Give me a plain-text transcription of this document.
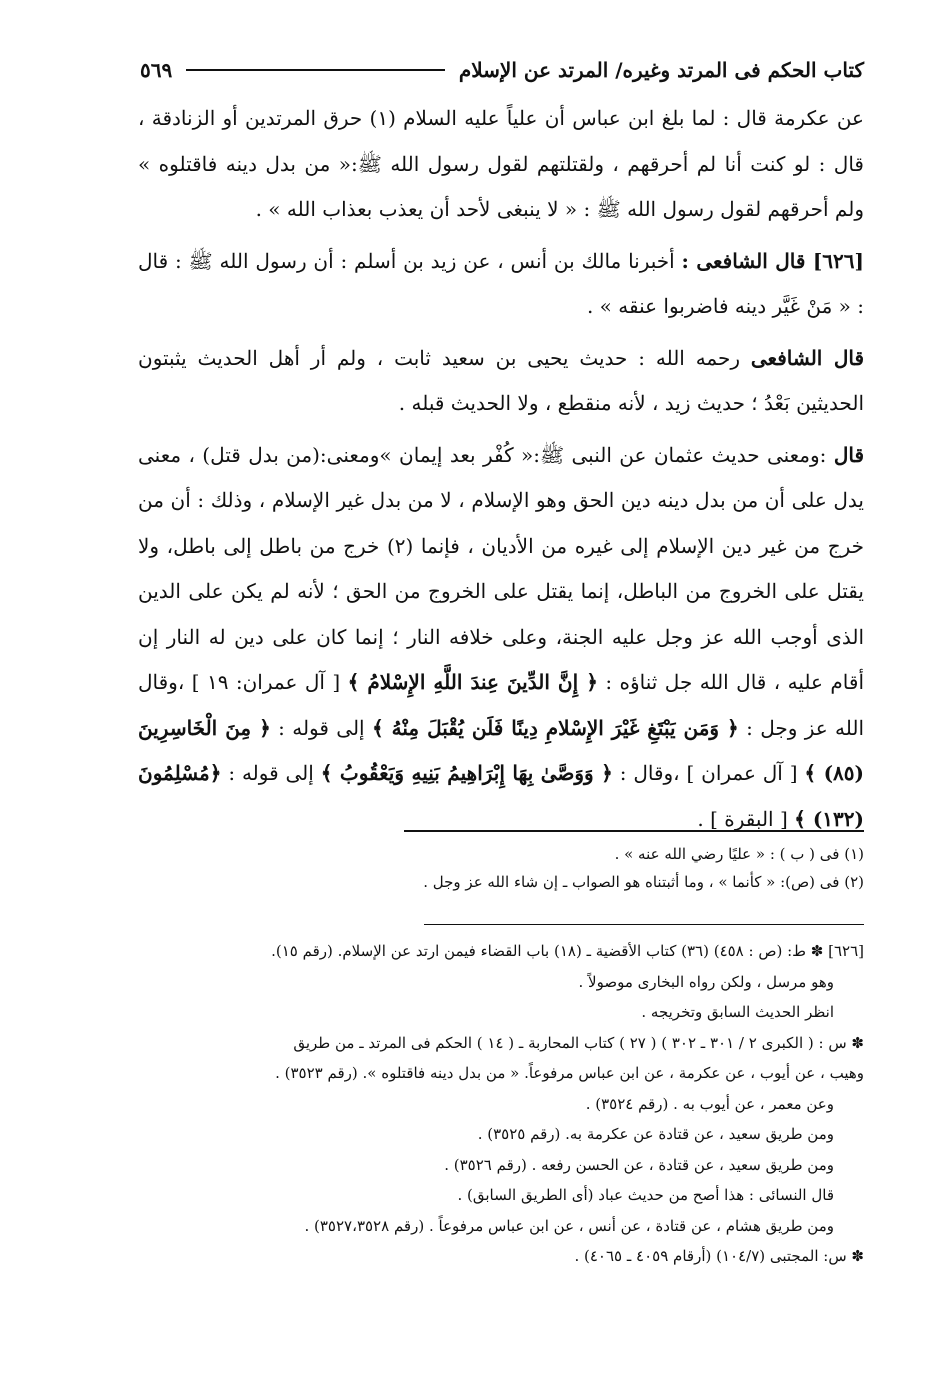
كتاب الحكم فى المرتد وغيره/ المرتد عن الإسلام
٥٦٩

عن عكرمة قال : لما بلغ ابن عباس أن علياً عليه السلام (١) حرق المرتدين أو الزنادقة ، قال : لو كنت أنا لم أحرقهم ، ولقتلتهم لقول رسول الله ﷺ:« من بدل دينه فاقتلوه » ولم أحرقهم لقول رسول الله ﷺ : « لا ينبغى لأحد أن يعذب بعذاب الله » .

[٦٢٦] قال الشافعى : أخبرنا مالك بن أنس ، عن زيد بن أسلم : أن رسول الله ﷺ : قال : « مَنْ غَيَّر دينه فاضربوا عنقه » .

قال الشافعى رحمه الله : حديث يحيى بن سعيد ثابت ، ولم أر أهل الحديث يثبتون الحديثين بَعْدُ ؛ حديث زيد ، لأنه منقطع ، ولا الحديث قبله .

قال :ومعنى حديث عثمان عن النبى ﷺ:« كُفْر بعد إيمان »ومعنى:(من بدل قتل) ، معنى يدل على أن من بدل دينه دين الحق وهو الإسلام ، لا من بدل غير الإسلام ، وذلك : أن من خرج من غير دين الإسلام إلى غيره من الأديان ، فإنما (٢) خرج من باطل إلى باطل، ولا يقتل على الخروج من الباطل، إنما يقتل على الخروج من الحق ؛ لأنه لم يكن على الدين الذى أوجب الله عز وجل عليه الجنة، وعلى خلافه النار ؛ إنما كان على دين له النار إن أقام عليه ، قال الله جل ثناؤه : ﴿ إِنَّ الدِّينَ عِندَ اللَّهِ الإِسْلامُ ﴾ [ آل عمران: ١٩ ] ،وقال الله عز وجل : ﴿ وَمَن يَبْتَغِ غَيْرَ الإِسْلامِ دِينًا فَلَن يُقْبَلَ مِنْهُ ﴾ إلى قوله : ﴿ مِنَ الْخَاسِرِينَ (٨٥) ﴾ [ آل عمران ] ،وقال : ﴿ وَوَصَّىٰ بِهَا إِبْرَاهِيمُ بَنِيهِ وَيَعْقُوبُ ﴾ إلى قوله : ﴿مُسْلِمُونَ (١٣٢) ﴾ [ البقرة ] .

(١) فى ( ب ) : « عليًا رضي الله عنه » .
(٢) فى (ص): « كأنما » ، وما أثبتناه هو الصواب ـ إن شاء الله عز وجل .
[٦٢٦] ✽ ط: (ص : ٤٥٨) (٣٦) كتاب الأقضية ـ (١٨) باب القضاء فيمن ارتد عن الإسلام. (رقم ١٥).
وهو مرسل ، ولكن رواه البخارى موصولاً .
انظر الحديث السابق وتخريجه .
✽ س : ( الكبرى ٢ / ٣٠١ ـ ٣٠٢ ) ( ٢٧ ) كتاب المحاربة ـ ( ١٤ ) الحكم فى المرتد ـ من طريق
وهيب ، عن أيوب ، عن عكرمة ، عن ابن عباس مرفوعاً. « من بدل دينه فاقتلوه ». (رقم ٣٥٢٣) .
وعن معمر ، عن أيوب به . (رقم ٣٥٢٤) .
ومن طريق سعيد ، عن قتادة عن عكرمة به. (رقم ٣٥٢٥) .
ومن طريق سعيد ، عن قتادة ، عن الحسن رفعه . (رقم ٣٥٢٦) .
قال النسائى : هذا أصح من حديث عباد (أى الطريق السابق) .
ومن طريق هشام ، عن قتادة ، عن أنس ، عن ابن عباس مرفوعاً . (رقم ٣٥٢٧،٣٥٢٨) .
✽ س: المجتبى (١٠٤/٧) (أرقام ٤٠٥٩ ـ ٤٠٦٥) .
